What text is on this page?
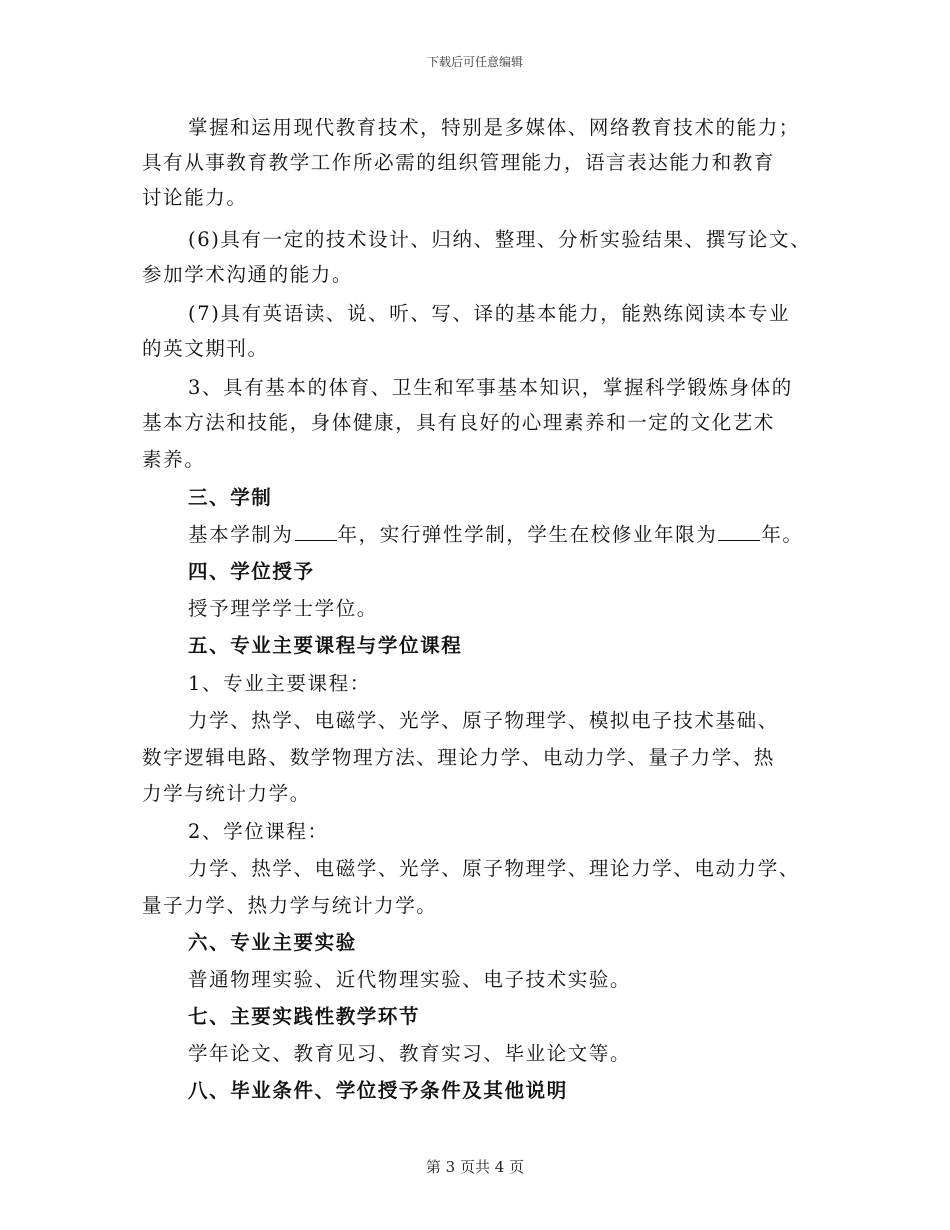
下载后可任意编辑
掌握和运用现代教育技术，特别是多媒体、网络教育技术的能力；
具有从事教育教学工作所必需的组织管理能力，语言表达能力和教育
讨论能力。
(6)具有一定的技术设计、归纳、整理、分析实验结果、撰写论文、
参加学术沟通的能力。
(7)具有英语读、说、听、写、译的基本能力，能熟练阅读本专业
的英文期刊。
3、具有基本的体育、卫生和军事基本知识，掌握科学锻炼身体的
基本方法和技能，身体健康，具有良好的心理素养和一定的文化艺术
素养。
三、学制
基本学制为 年，实行弹性学制，学生在校修业年限为 年。
四、学位授予
授予理学学士学位。
五、专业主要课程与学位课程
1、专业主要课程：
力学、热学、电磁学、光学、原子物理学、模拟电子技术基础、
数字逻辑电路、数学物理方法、理论力学、电动力学、量子力学、热
力学与统计力学。
2、学位课程：
力学、热学、电磁学、光学、原子物理学、理论力学、电动力学、
量子力学、热力学与统计力学。
六、专业主要实验
普通物理实验、近代物理实验、电子技术实验。
七、主要实践性教学环节
学年论文、教育见习、教育实习、毕业论文等。
八、毕业条件、学位授予条件及其他说明
第 3 页共 4 页
